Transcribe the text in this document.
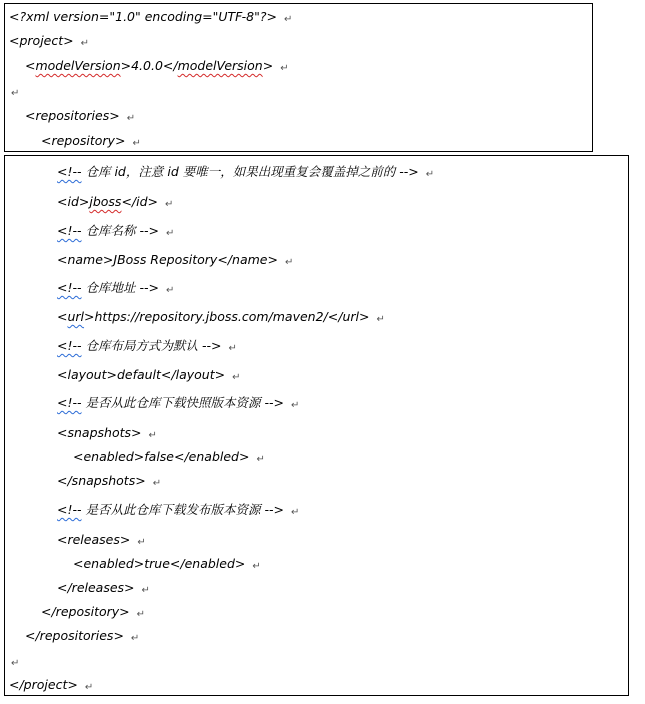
<?xml version="1.0" encoding="UTF-8"?> ↵
<project> ↵
<modelVersion>4.0.0</modelVersion> ↵
↵
<repositories> ↵
<repository> ↵
<!-- 仓库 id，注意 id 要唯一，如果出现重复会覆盖掉之前的 --> ↵
<id>jboss</id> ↵
<!-- 仓库名称 --> ↵
<name>JBoss Repository</name> ↵
<!-- 仓库地址 --> ↵
<url>https://repository.jboss.com/maven2/</url> ↵
<!-- 仓库布局方式为默认 --> ↵
<layout>default</layout> ↵
<!-- 是否从此仓库下载快照版本资源 --> ↵
<snapshots> ↵
<enabled>false</enabled> ↵
</snapshots> ↵
<!-- 是否从此仓库下载发布版本资源 --> ↵
<releases> ↵
<enabled>true</enabled> ↵
</releases> ↵
</repository> ↵
</repositories> ↵
↵
</project> ↵
